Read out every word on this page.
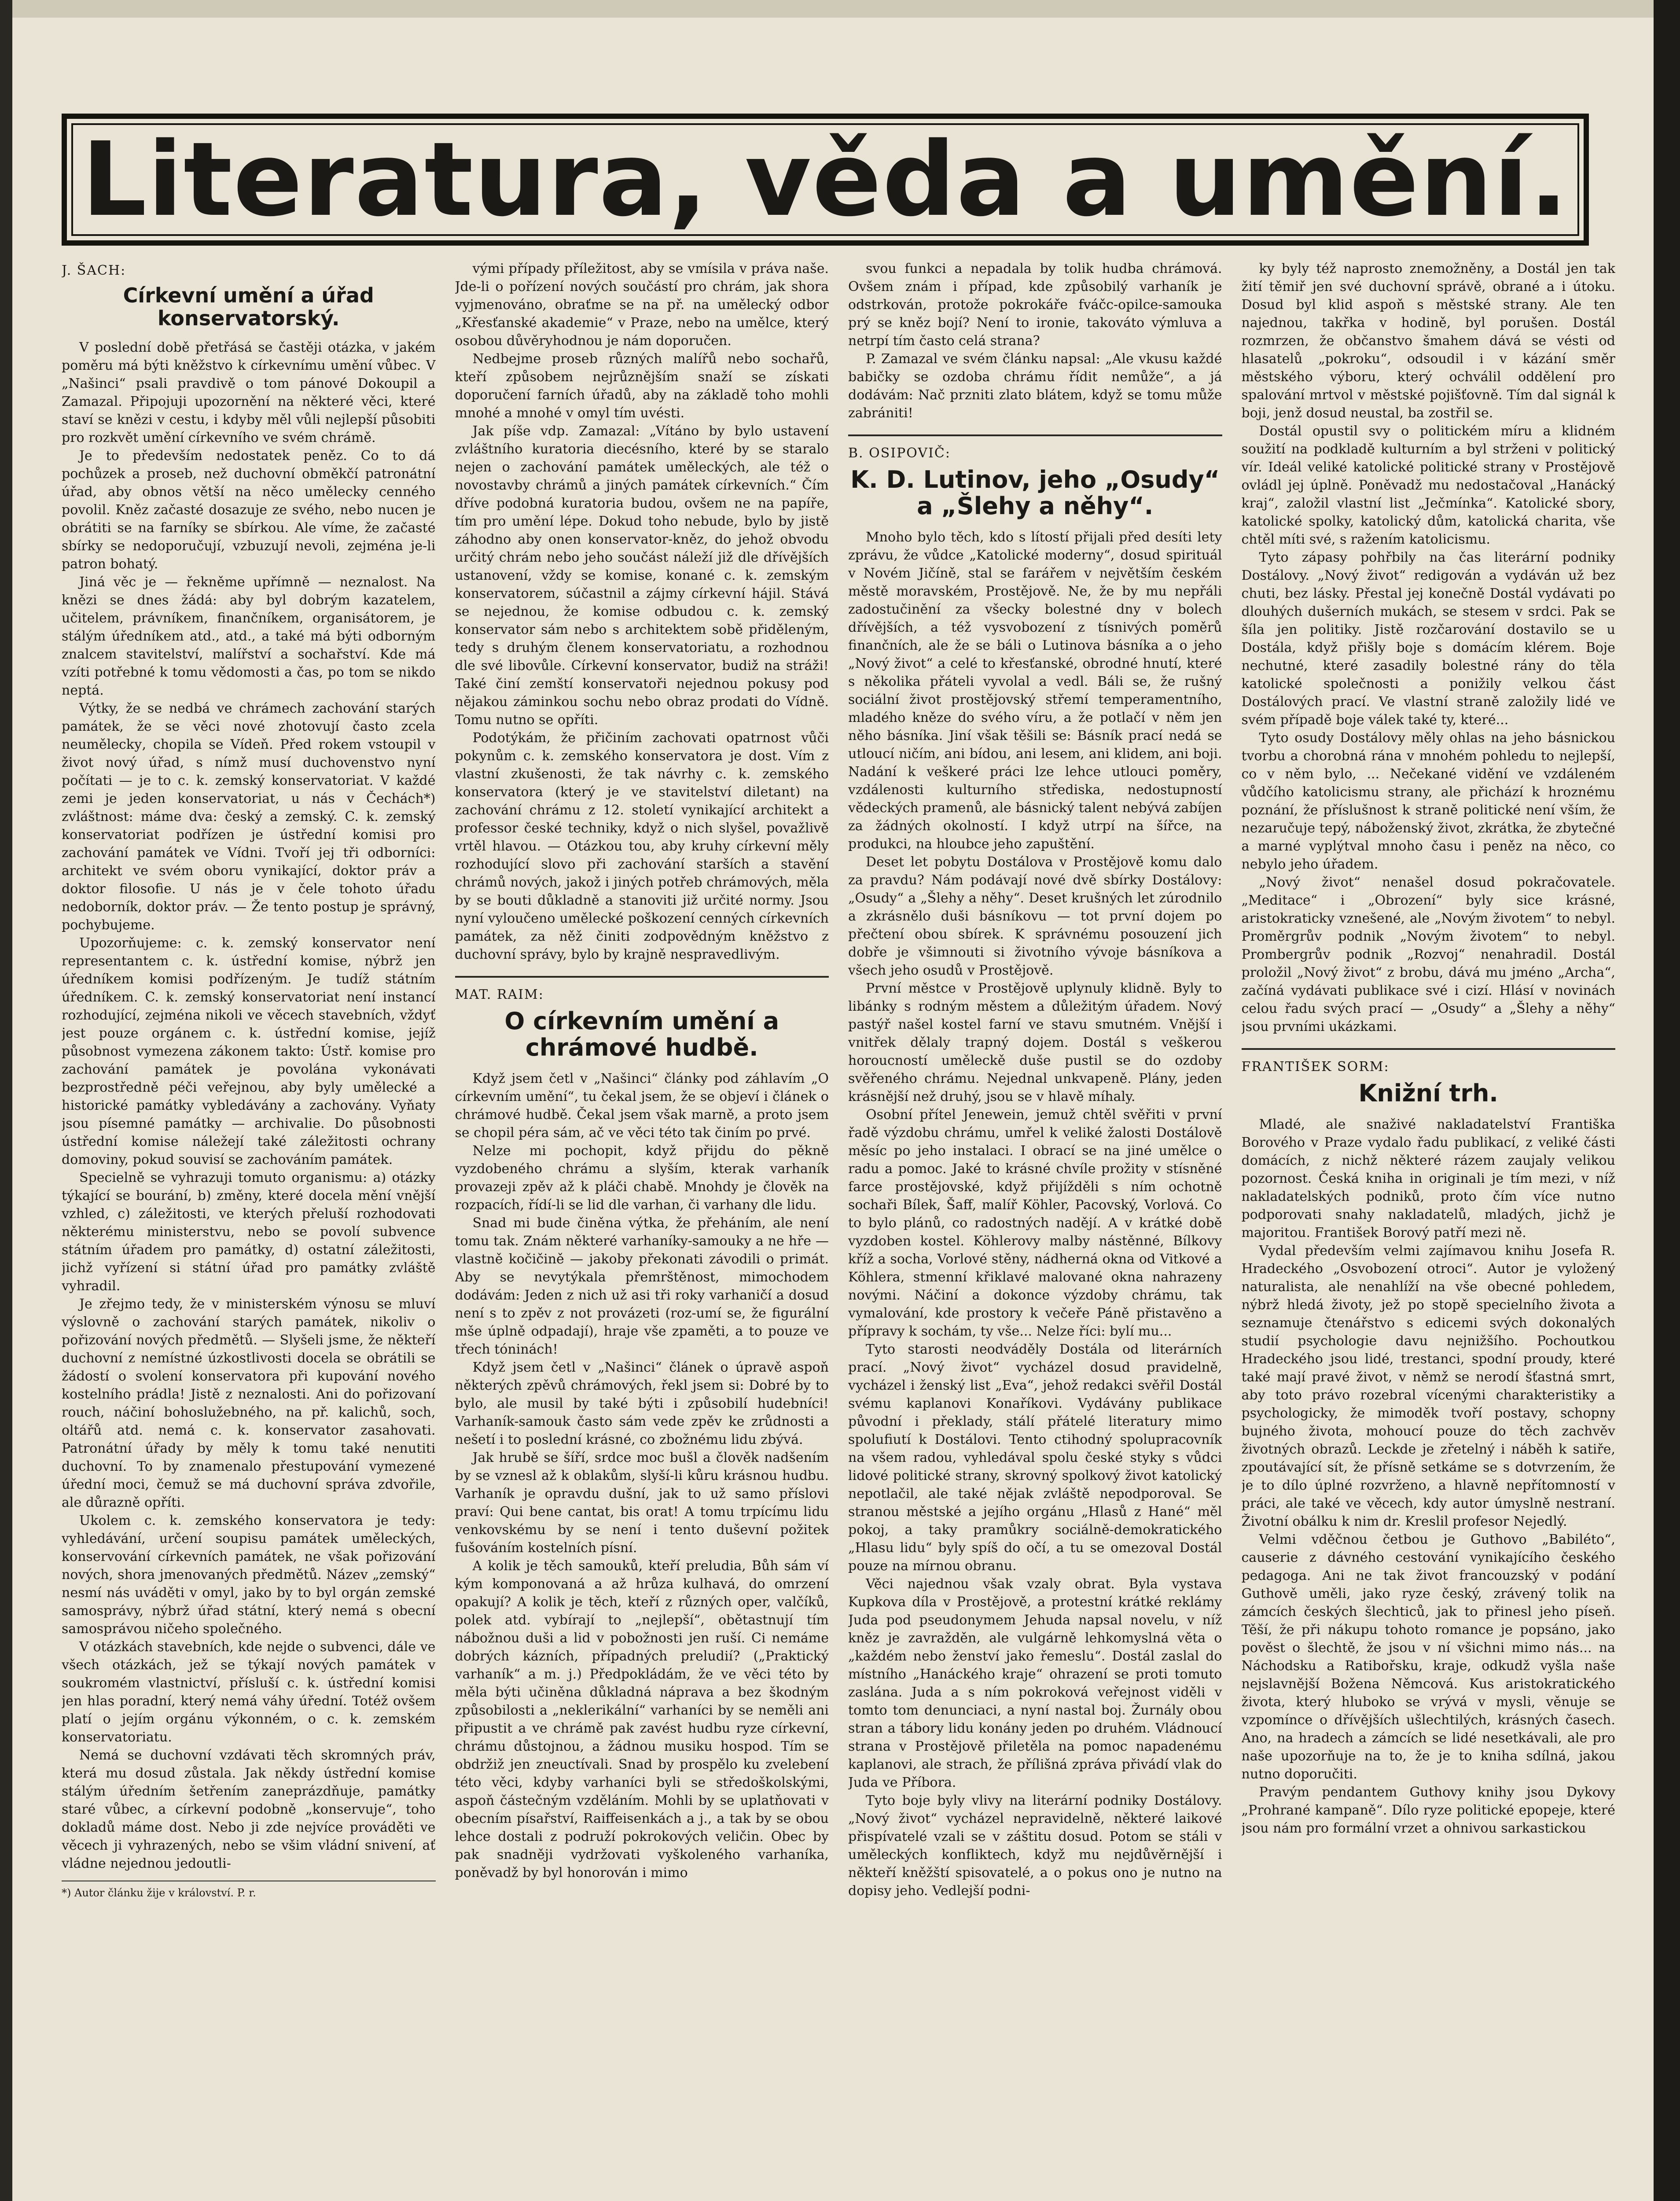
Literatura, věda a umění.
J. ŠACH:
Církevní umění a úřad konservatorský.

V poslední době přetřásá se častěji otázka, v jakém poměru má býti kněžstvo k církevnímu umění vůbec. V „Našinci“ psali pravdivě o tom pánové Dokoupil a Zamazal. Připojuji upozornění na některé věci, které staví se knězi v cestu, i kdyby měl vůli nejlepší působiti pro rozkvět umění církevního ve svém chrámě.

Je to především nedostatek peněz. Co to dá pochůzek a proseb, než duchovní obměkčí patronátní úřad, aby obnos větší na něco umělecky cenného povolil. Kněz začasté dosazuje ze svého, nebo nucen je obrátiti se na farníky se sbírkou. Ale víme, že začasté sbírky se nedoporučují, vzbuzují nevoli, zejména je-li patron bohatý.

Jiná věc je — řekněme upřímně — neznalost. Na knězi se dnes žádá: aby byl dobrým kazatelem, učitelem, právníkem, finančníkem, organisátorem, je stálým úředníkem atd., atd., a také má býti odborným znalcem stavitelství, malířství a sochařství. Kde má vzíti potřebné k tomu vědomosti a čas, po tom se nikdo neptá.

Výtky, že se nedbá ve chrámech zachování starých památek, že se věci nové zhotovují často zcela neuměleckу, chopila se Vídeň. Před rokem vstoupil v život nový úřad, s nímž musí duchovenstvo nyní počítati — je to c. k. zemský konservatoriat. V každé zemi je jeden konservatoriat, u nás v Čechách*) zvláštnost: máme dva: český a zemský. C. k. zemský konservatoriat podřízen je ústřední komisi pro zachování památek ve Vídni. Tvoří jej tři odborníci: architekt ve svém oboru vynikající, doktor práv a doktor filosofie. U nás je v čele tohoto úřadu nedoborník, doktor práv. — Že tento postup je správný, pochybujeme.

Upozorňujeme: c. k. zemský konservator není representantem c. k. ústřední komise, nýbrž jen úředníkem komisi podřízeným. Je tudíž státním úředníkem. C. k. zemský konservatoriat není instancí rozhodující, zejména nikoli ve věcech stavebních, vždyť jest pouze orgánem c. k. ústřední komise, jejíž působnost vymezena zákonem takto: Ústř. komise pro zachování památek je povolána vykonávati bezprostředně péči veřejnou, aby byly umělecké a historické památky vybledávány a zachovány. Vyňaty jsou písemné památky — archivalie. Do působnosti ústřední komise náležejí také záležitosti ochrany domoviny, pokud souvisí se zachováním památek.

Specielně se vyhrazuji tomuto organismu: a) otázky týkající se bourání, b) změny, které docela mění vnější vzhled, c) záležitosti, ve kterých přeluší rozhodovati některému ministerstvu, nebo se povolí subvence státním úřadem pro památky, d) ostatní záležitosti, jichž vyřízení si státní úřad pro památky zvláště vyhradil.

Je zřejmo tedy, že v ministerském výnosu se mluví výslovně o zachování starých památek, nikoliv o pořizování nových předmětů. — Slyšeli jsme, že někteří duchovní z nemístné úzkostlivosti docela se obrátili se žádostí o svolení konservatora při kupování nového kostelního prádla! Jistě z neznalosti. Ani do pořizovaní rouch, náčiní bohoslužebného, na př. kalichů, soch, oltářů atd. nemá c. k. konservator zasahovati. Patronátní úřady by měly k tomu také nenutiti duchovní. To by znamenalo přestupování vymezené úřední moci, čemuž se má duchovní správa zdvořile, ale důrazně opříti.

Ukolem c. k. zemského konservatora je tedy: vyhledávání, určení soupisu památek uměleckých, konservování církevních památek, ne však pořizování nových, shora jmenovaných předmětů. Název „zemský“ nesmí nás uváděti v omyl, jako by to byl orgán zemské samosprávy, nýbrž úřad státní, který nemá s obecní samosprávou ničeho společného.

V otázkách stavebních, kde nejde o subvenci, dále ve všech otázkách, jež se týkají nových památek v soukromém vlastnictví, přísluší c. k. ústřední komisi jen hlas poradní, který nemá váhy úřední. Totéž ovšem platí o jejím orgánu výkonném, o c. k. zemském konservatoriatu.

Nemá se duchovní vzdávati těch skromných práv, která mu dosud zůstala. Jak někdy ústřední komise stálým úředním šetřením zaneprázdňuje, památky staré vůbec, a církevní podobně „konservuje“, toho dokladů máme dost. Nebo ji zde nejvíce prováděti ve věcech ji vyhrazených, nebo se všim vládní snivení, ať vládne nejednou jedoutli-

*) Autor článku žije v království. P. r.

vými případy příležitost, aby se vmísila v práva naše. Jde-li o pořízení nových součástí pro chrám, jak shora vyjmenováno, obraťme se na př. na umělecký odbor „Křesťanské akademie“ v Praze, nebo na umělce, který osobou důvěryhodnou je nám doporučen.

Nedbejme proseb různých malířů nebo sochařů, kteří způsobem nejrůznějším snaží se získati doporučení farních úřadů, aby na základě toho mohli mnohé a mnohé v omyl tím uvésti.

Jak píše vdp. Zamazal: „Vítáno by bylo ustavení zvláštního kuratoria diecésního, které by se staralo nejen o zachování památek uměleckých, ale též o novostavby chrámů a jiných památek církevních.“ Čím dříve podobná kuratoria budou, ovšem ne na papíře, tím pro umění lépe. Dokud toho nebude, bylo by jistě záhodno aby onen konservator-kněz, do jehož obvodu určitý chrám nebo jeho součást náleží již dle dřívějších ustanovení, vždy se komise, konané c. k. zemským konservatorem, súčastnil a zájmy církevní hájil. Stává se nejednou, že komise odbudou c. k. zemský konservator sám nebo s architektem sobě přiděleným, tedy s druhým členem konservatoriatu, a rozhodnou dle své libovůle. Církevní konservator, budiž na stráži! Také činí zemští konservatoři nejednou pokusy pod nějakou záminkou sochu nebo obraz prodati do Vídně. Tomu nutno se opříti.

Podotýkám, že přičiním zachovati opatrnost vůči pokynům c. k. zemského konservatora je dost. Vím z vlastní zkušenosti, že tak návrhy c. k. zemského konservatora (který je ve stavitelství diletant) na zachování chrámu z 12. století vynikající architekt a professor české techniky, když o nich slyšel, považlivě vrtěl hlavou. — Otázkou tou, aby kruhy církevní měly rozhodující slovo při zachování starších a stavění chrámů nových, jakož i jiných potřeb chrámových, měla by se bouti důkladně a stanoviti již určité normy. Jsou nyní vyloučeno umělecké poškození cenných církevních památek, za něž činiti zodpovědným kněžstvo z duchovní správy, bylo by krajně nespravedlivým.

MAT. RAIM:
O církevním umění a chrámové hudbě.

Když jsem četl v „Našinci“ články pod záhlavím „O církevním umění“, tu čekal jsem, že se objeví i článek o chrámové hudbě. Čekal jsem však marně, a proto jsem se chopil péra sám, ač ve věci této tak činím po prvé.

Nelze mi pochopit, když přijdu do pěkně vyzdobeného chrámu a slyším, kterak varhaník provazeji zpěv až k pláči chabě. Mnohdy je člověk na rozpacích, řídí-li se lid dle varhan, či varhany dle lidu.

Snad mi bude činěna výtka, že přeháním, ale není tomu tak. Znám některé varhaníky-samouky a ne hře — vlastně kočičině — jakoby překonati závodili o primát. Aby se nevytýkala přemrštěnost, mimochodem dodávám: Jeden z nich už asi tři roky varhaničí a dosud není s to zpěv z not provázeti (roz-umí se, že figurální mše úplně odpadají), hraje vše zpaměti, a to pouze ve třech tóninách!

Když jsem četl v „Našinci“ článek o úpravě aspoň některých zpěvů chrámových, řekl jsem si: Dobré by to bylo, ale musil by také býti i způsobilí hudebníci! Varhaník-samouk často sám vede zpěv ke zrůdnosti a nešetí i to poslední krásné, co zbožnému lidu zbývá.

Jak hrubě se šíří, srdce moc bušl a člověk nadšením by se vznesl až k oblakům, slyší-li kůru krásnou hudbu. Varhaník je opravdu dušní, jak to už samo příslovi praví: Qui bene cantat, bis orat! A tomu trpícímu lidu venkovskému by se není i tento duševní požitek fušováním kostelních písní.

A kolik je těch samouků, kteří preludia, Bůh sám ví kým komponovaná a až hrůza kulhavá, do omrzení opakují? A kolik je těch, kteří z různých oper, valčíků, polek atd. vybírají to „nejlepší“, obětastnují tím nábožnou duši a lid v pobožnosti jen ruší. Ci nemáme dobrých kázních, případných preludií? („Praktický varhaník“ a m. j.) Předpokládám, že ve věci této by měla býti učiněna důkladná náprava a bez škodným způsobilosti a „neklerikální“ varhaníci by se neměli ani připustit a ve chrámě pak zavést hudbu ryze církevní, chrámu důstojnou, a žádnou musiku hospod. Tím se obdržiž jen zneuctívali. Snad by prospělo ku zvelebení této věci, kdyby varhaníci byli se středoškolskými, aspoň částečným vzděláním. Mohli by se uplatňovati v obecním písařství, Raiffeisenkách a j., a tak by se obou lehce dostali z podruží pokrokových veličin. Obec by pak snadněji vydržovati vyškoleného varhaníka, poněvadž by byl honorován i mimo

svou funkci a nepadala by tolik hudba chrámová. Ovšem znám i případ, kde způsobilý varhaník je odstrkován, protože pokrokáře fváčc-opilce-samouka prý se kněz bojí? Není to ironie, takováto výmluva a netrpí tím často celá strana?

P. Zamazal ve svém článku napsal: „Ale vkusu každé babičky se ozdoba chrámu řídit nemůže“, a já dodávám: Nač przniti zlato blátem, když se tomu může zabrániti!

B. OSIPOVIČ:
K. D. Lutinov, jeho „Osudy“ a „Šlehy a něhy“.

Mnoho bylo těch, kdo s lítostí přijali před desíti lety zprávu, že vůdce „Katolické moderny“, dosud spirituál v Novém Jičíně, stal se farářem v největším českém městě moravském, Prostějově. Ne, že by mu nepřáli zadostučinění za všecky bolestné dny v bolech dřívějších, a též vysvobození z tísnivých poměrů finančních, ale že se báli o Lutinova básníka a o jeho „Nový život“ a celé to křesťanské, obrodné hnutí, které s několika přáteli vyvolal a vedl. Báli se, že rušný sociální život prostějovský střemí temperamentního, mladého kněze do svého víru, a že potlačí v něm jen něho básníka. Jiní však těšili se: Básník prací nedá se utloucí ničím, ani bídou, ani lesem, ani klidem, ani boji. Nadání k veškeré práci lze lehce utlouci poměry, vzdálenosti kulturního střediska, nedostupností vědeckých pramenů, ale básnický talent nebývá zabíjen za žádných okolností. I když utrpí na šířce, na produkci, na hloubce jeho zapuštění.

Deset let pobytu Dostálova v Prostějově komu dalo za pravdu? Nám podávají nové dvě sbírky Dostálovy: „Osudy“ a „Šlehy a něhy“. Deset krušných let zúrodnilo a zkrásnělo duši básníkovu — tot první dojem po přečtení obou sbírek. K správnému posouzení jich dobře je všimnouti si životního vývoje básníkova a všech jeho osudů v Prostějově.

První městce v Prostějově uplynuly klidně. Byly to libánky s rodným městem a důležitým úřadem. Nový pastýř našel kostel farní ve stavu smutném. Vnější i vnitřek dělaly trapný dojem. Dostál s veškerou horoucností uměleckě duše pustil se do ozdoby svěřeného chrámu. Nejednal unkvapeně. Plány, jeden krásnější než druhý, jsou se v hlavě míhaly.

Osobní přítel Jenewein, jemuž chtěl svěřiti v první řadě výzdobu chrámu, umřel k veliké žalosti Dostálově měsíc po jeho instalaci. I obrací se na jiné umělce o radu a pomoc. Jaké to krásné chvíle prožity v stísněné farce prostějovské, když přijížděli s ním ochotně sochaři Bílek, Šaff, malíř Köhler, Pacovský, Vorlová. Co to bylo plánů, co radostných nadějí. A v krátké době vyzdoben kostel. Köhlerovy malby nástěnné, Bílkovy kříž a socha, Vorlové stěny, nádherná okna od Vitkové a Köhlera, stmenní křiklavé malované okna nahrazeny novými. Náčiní a dokonce výzdoby chrámu, tak vymalování, kde prostory k večeře Páně přistavěno a přípravy k sochám, ty vše... Nelze říci: bylí mu...

Tyto starosti neodváděly Dostála od literárních prací. „Nový život“ vycházel dosud pravidelně, vycházel i ženský list „Eva“, jehož redakci svěřil Dostál svému kaplanovi Konaříkovi. Vydávány publikace původní i překlady, stálí přátelé literatury mimo spolufiutí k Dostálovi. Tento ctihodný spolupracovník na všem radou, vyhledával spolu české styky s vůdci lidové politické strany, skrovný spolkový život katolický nepotlačil, ale také nějak zvláště nepodporoval. Se stranou městské a jejího orgánu „Hlasů z Hané“ měl pokoj, a taky pramůkry sociálně-demokratického „Hlasu lidu“ byly spíš do očí, a tu se omezoval Dostál pouze na mírnou obranu.

Věci najednou však vzaly obrat. Byla vystava Kupkova díla v Prostějově, a protestní krátké reklámy Juda pod pseudonymem Jehuda napsal novelu, v níž kněz je zavražděn, ale vulgárně lehkomyslná věta o „každém nebo ženství jako řemeslu“. Dostál zaslal do místního „Hanáckého kraje“ ohrazení se proti tomuto zaslána. Juda a s ním pokroková veřejnost viděli v tomto tom denunciaci, a nyní nastal boj. Žurnály obou stran a tábory lidu konány jeden po druhém. Vládnoucí strana v Prostějově přiletěla na pomoc napadenému kaplanovi, ale strach, že přílišná zpráva přivádí vlak do Juda ve Příbora.

Tyto boje byly vlivy na literární podniky Dostálovy. „Nový život“ vycházel nepravidelně, některé laikové přispívatelé vzali se v záštitu dosud. Potom se stáli v uměleckých konfliktech, když mu nejdůvěrnější i někteří kněžští spisovatelé, a o pokus ono je nutno na dopisy jeho. Vedlejší podni-

ky byly též naprosto znemožněny, a Dostál jen tak žití těmiř jen své duchovní správě, obrané a i útoku. Dosud byl klid aspoň s městské strany. Ale ten najednou, takřka v hodině, byl porušen. Dostál rozmrzen, že občanstvo šmahem dává se vésti od hlasatelů „pokroku“, odsoudil i v kázání směr městského výboru, který ochválil oddělení pro spalování mrtvol v městské pojišťovně. Tím dal signál k boji, jenž dosud neustal, ba zostřil se.

Dostál opustil svy o politickém míru a klidném soužití na podkladě kulturním a byl strženi v politický vír. Ideál veliké katolické politické strany v Prostějově ovládl jej úplně. Poněvadž mu nedostačoval „Hanácký kraj“, založil vlastní list „Ječmínka“. Katolické sbory, katolické spolky, katolický dům, katolická charita, vše chtěl míti své, s ražením katolicismu.

Tyto zápasy pohřbily na čas literární podniky Dostálovy. „Nový život“ redigován a vydáván už bez chuti, bez lásky. Přestal jej konečně Dostál vydávati po dlouhých dušerních mukách, se stesem v srdci. Pak se šíla jen politiky. Jistě rozčarování dostavilo se u Dostála, když přišly boje s domácím klérem. Boje nechutné, které zasadily bolestné rány do těla katolické společnosti a ponižily velkou část Dostálových prací. Ve vlastní straně založily lidé ve svém případě boje válek také ty, které...

Tyto osudy Dostálovy měly ohlas na jeho básnickou tvorbu a chorobná rána v mnohém pohledu to nejlepší, co v něm bylo, ... Nečekané vidění ve vzdáleném vůdčího katolicismu strany, ale přichází k hroznému poznání, že příslušnost k straně politické není vším, že nezaručuje tepý, náboženský život, zkrátka, že zbytečné a marné vyplýtval mnoho času i peněz na něco, co nebylo jeho úřadem.

„Nový život“ nenašel dosud pokračovatele. „Meditace“ i „Obrození“ byly sice krásné, aristokraticky vznešené, ale „Novým životem“ to nebyl. Proměrgrův podnik „Novým životem“ to nebyl. Prombergrův podnik „Rozvoj“ nenahradil. Dostál proložil „Nový život“ z brobu, dává mu jméno „Archa“, začíná vydávati publikace své i cizí. Hlásí v novinách celou řadu svých prací — „Osudy“ a „Šlehy a něhy“ jsou prvními ukázkami.

FRANTIŠEK SORM:
Knižní trh.

Mladé, ale snaživé nakladatelství Františka Borového v Praze vydalo řadu publikací, z veliké části domácích, z nichž některé rázem zaujaly velikou pozornost. Česká kniha in originali je tím mezi, v níž nakladatelských podniků, proto čím více nutno podporovati snahy nakladatelů, mladých, jichž je majoritou. František Borový patří mezi ně.

Vydal především velmi zajímavou knihu Josefa R. Hradeckého „Osvobození otroci“. Autor je vyložený naturalista, ale nenahlíží na vše obecné pohledem, nýbrž hledá životy, jež po stopě specielního života a seznamuje čtenářstvo s edicemi svých dokonalých studií psychologie davu nejnižšího. Pochoutkou Hradeckého jsou lidé, trestanci, spodní proudy, které také mají pravé život, v němž se nerodí šťastná smrt, aby toto právo rozebral vícenými charakteristiky a psychologicky, že mimoděk tvoří postavy, schopny bujného života, mohoucí pouze do těch zachvěv životných obrazů. Leckde je zřetelný i náběh k satiře, zpoutávající sít, že přísně setkáme se s dotvrzením, že je to dílo úplné rozvrženo, a hlavně nepřítomností v práci, ale také ve věcech, kdy autor úmyslně nestraní. Životní obálku k nim dr. Kreslil profesor Nejedlý.

Velmi vděčnou četbou je Guthovo „Babiléto“, causerie z dávného cestování vynikajícího českého pedagoga. Ani ne tak život francouzský v podání Guthově uměli, jako ryze český, zrávený tolik na zámcích českých šlechticů, jak to přinesl jeho píseň. Těší, že při nákupu tohoto romance je popsáno, jako pověst o šlechtě, že jsou v ní všichni mimo nás... na Náchodsku a Ratibořsku, kraje, odkudž vyšla naše nejslavnější Božena Němcová. Kus aristokratického života, který hluboko se vrývá v mysli, věnuje se vzpomínce o dřívějších ušlechtilých, krásných časech. Ano, na hradech a zámcích se lidé nesetkávali, ale pro naše upozorňuje na to, že je to kniha sdílná, jakou nutno doporučiti.

Pravým pendantem Guthovy knihy jsou Dykovy „Prohrané kampaně“. Dílo ryze politické epopeje, které jsou nám pro formální vrzet a ohnivou sarkastickou
